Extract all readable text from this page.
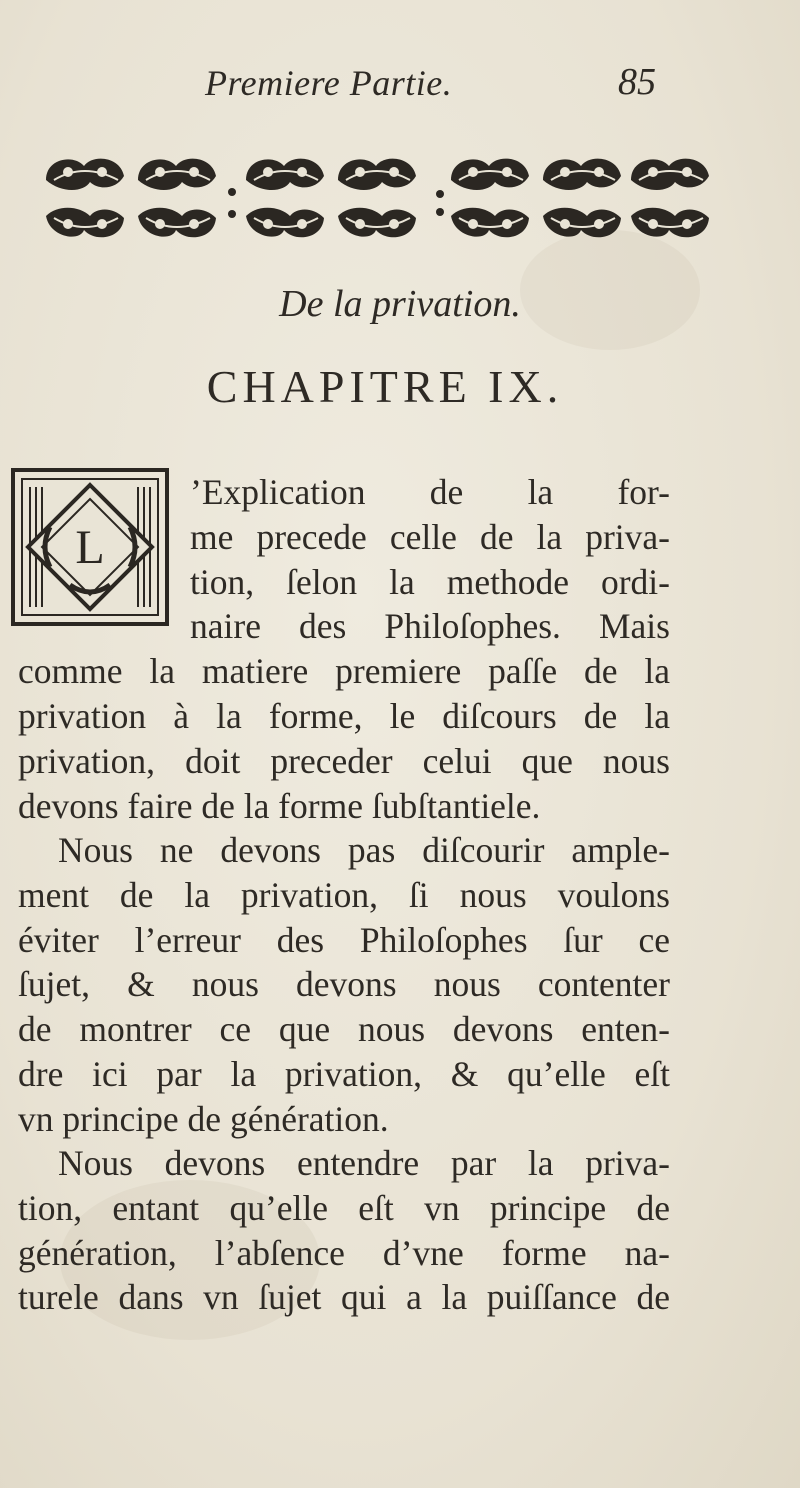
Premiere Partie.	85
De la privation.
CHAPITRE IX.
L
’Explication de la for-
me precede celle de la priva-
tion, ſelon la methode ordi-
naire des Philoſophes. Mais
comme la matiere premiere paſſe de la
privation à la forme, le diſcours de la
privation, doit preceder celui que nous
devons faire de la forme ſubſtantiele.
Nous ne devons pas diſcourir ample-
ment de la privation, ſi nous voulons
éviter l’erreur des Philoſophes ſur ce
ſujet, & nous devons nous contenter
de montrer ce que nous devons enten-
dre ici par la privation, & qu’elle eſt
vn principe de génération.
Nous devons entendre par la priva-
tion, entant qu’elle eſt vn principe de
génération, l’abſence d’vne forme na-
turele dans vn ſujet qui a la puiſſance de
